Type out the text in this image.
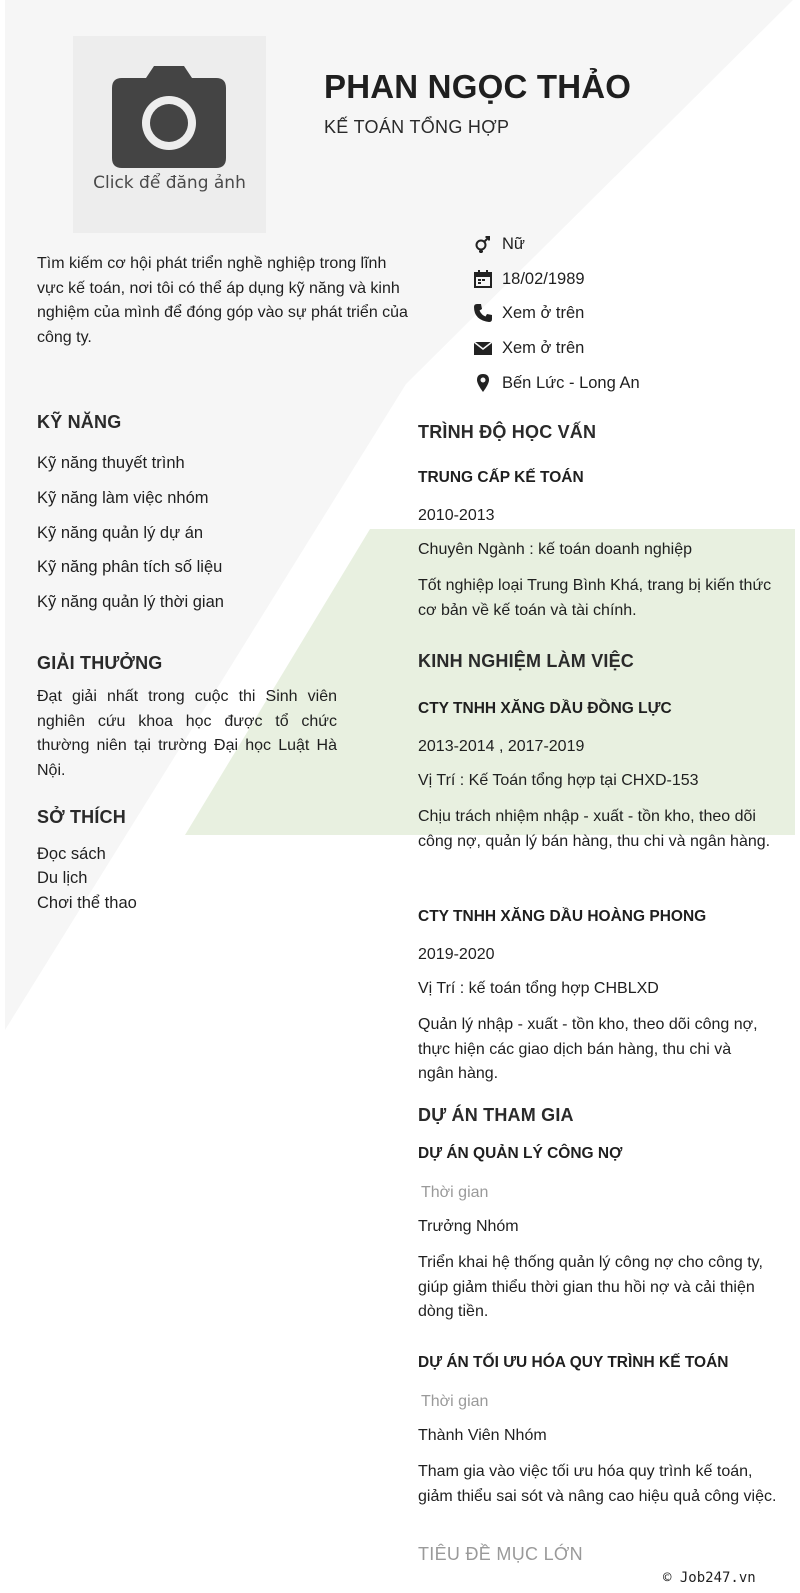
Click để đăng ảnh
PHAN NGỌC THẢO
KẾ TOÁN TỔNG HỢP
Tìm kiếm cơ hội phát triển nghề nghiệp trong lĩnh vực kế toán, nơi tôi có thể áp dụng kỹ năng và kinh nghiệm của mình để đóng góp vào sự phát triển của công ty.
Nữ
18/02/1989
Xem ở trên
Xem ở trên
Bến Lức - Long An
KỸ NĂNG
Kỹ năng thuyết trình
Kỹ năng làm việc nhóm
Kỹ năng quản lý dự án
Kỹ năng phân tích số liệu
Kỹ năng quản lý thời gian
GIẢI THƯỞNG
Đạt giải nhất trong cuộc thi Sinh viên nghiên cứu khoa học được tổ chức thường niên tại trường Đại học Luật Hà Nội.
SỞ THÍCH
Đọc sách
Du lịch
Chơi thể thao
TRÌNH ĐỘ HỌC VẤN
TRUNG CẤP KẾ TOÁN
2010-2013
Chuyên Ngành : kế toán doanh nghiệp
Tốt nghiệp loại Trung Bình Khá, trang bị kiến thức cơ bản về kế toán và tài chính.
KINH NGHIỆM LÀM VIỆC
CTY TNHH XĂNG DẦU ĐỒNG LỰC
2013-2014 , 2017-2019
Vị Trí : Kế Toán tổng hợp tại CHXD-153
Chịu trách nhiệm nhập - xuất - tồn kho, theo dõi công nợ, quản lý bán hàng, thu chi và ngân hàng.
CTY TNHH XĂNG DẦU HOÀNG PHONG
2019-2020
Vị Trí : kế toán tổng hợp CHBLXD
Quản lý nhập - xuất - tồn kho, theo dõi công nợ, thực hiện các giao dịch bán hàng, thu chi và ngân hàng.
DỰ ÁN THAM GIA
DỰ ÁN QUẢN LÝ CÔNG NỢ
Thời gian
Trưởng Nhóm
Triển khai hệ thống quản lý công nợ cho công ty, giúp giảm thiểu thời gian thu hồi nợ và cải thiện dòng tiền.
DỰ ÁN TỐI ƯU HÓA QUY TRÌNH KẾ TOÁN
Thời gian
Thành Viên Nhóm
Tham gia vào việc tối ưu hóa quy trình kế toán, giảm thiểu sai sót và nâng cao hiệu quả công việc.
TIÊU ĐỀ MỤC LỚN
© Job247.vn
